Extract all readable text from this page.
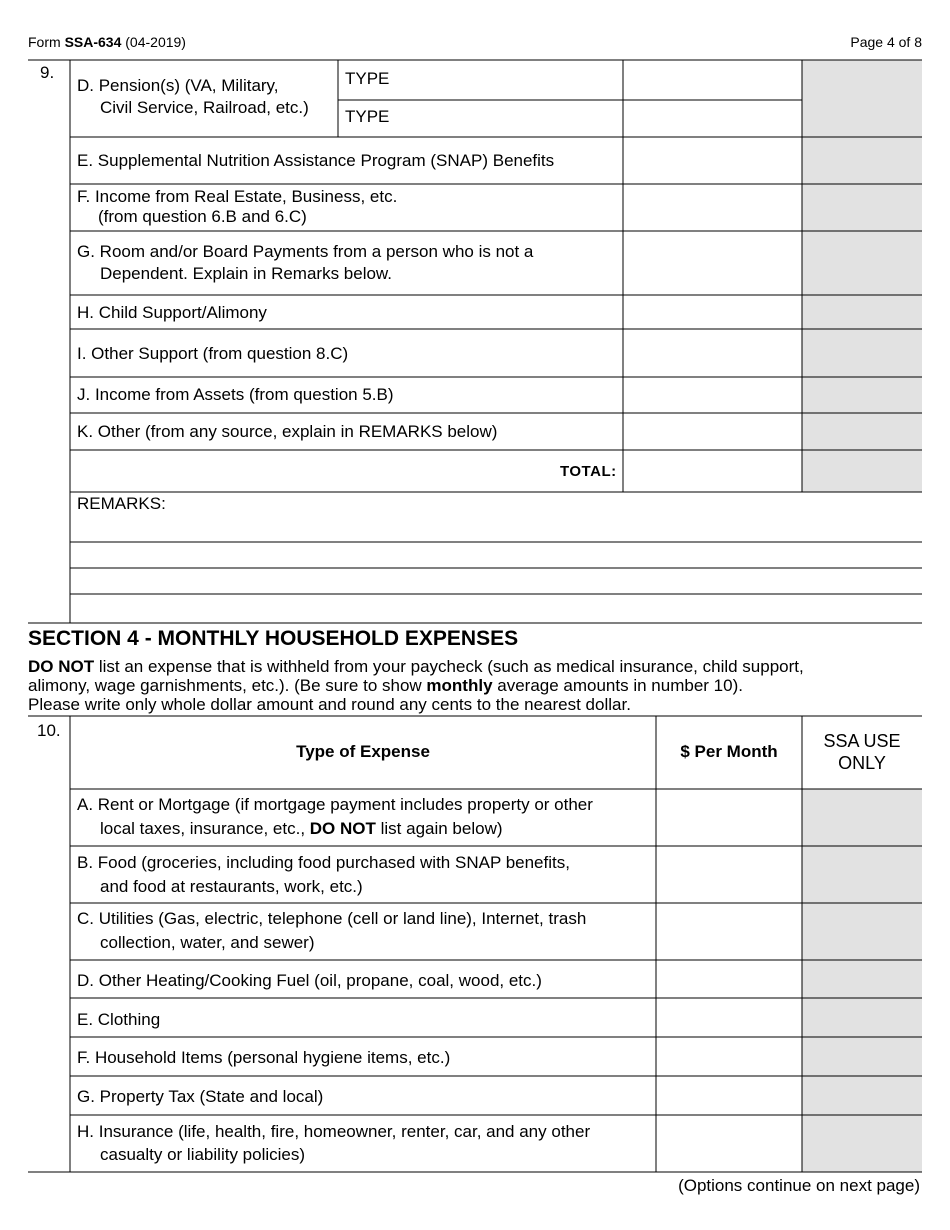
Form SSA-634 (04-2019)	Page 4 of 8
9.
D. Pension(s) (VA, Military,
Civil Service, Railroad, etc.)
TYPE
TYPE
E. Supplemental Nutrition Assistance Program (SNAP) Benefits
F. Income from Real Estate, Business, etc.
(from question 6.B and 6.C)
G. Room and/or Board Payments from a person who is not a
Dependent. Explain in Remarks below.
H. Child Support/Alimony
I. Other Support (from question 8.C)
J. Income from Assets (from question 5.B)
K. Other (from any source, explain in REMARKS below)
TOTAL:
REMARKS:
SECTION 4 - MONTHLY HOUSEHOLD EXPENSES
DO NOT list an expense that is withheld from your paycheck (such as medical insurance, child support,
alimony, wage garnishments, etc.). (Be sure to show monthly average amounts in number 10).
Please write only whole dollar amount and round any cents to the nearest dollar.
10.
Type of Expense	$ Per Month
SSA USE
ONLY
A. Rent or Mortgage (if mortgage payment includes property or other
local taxes, insurance, etc., DO NOT list again below)
B. Food (groceries, including food purchased with SNAP benefits,
and food at restaurants, work, etc.)
C. Utilities (Gas, electric, telephone (cell or land line), Internet, trash
collection, water, and sewer)
D. Other Heating/Cooking Fuel (oil, propane, coal, wood, etc.)
E. Clothing
F. Household Items (personal hygiene items, etc.)
G. Property Tax (State and local)
H. Insurance (life, health, fire, homeowner, renter, car, and any other
casualty or liability policies)
(Options continue on next page)
